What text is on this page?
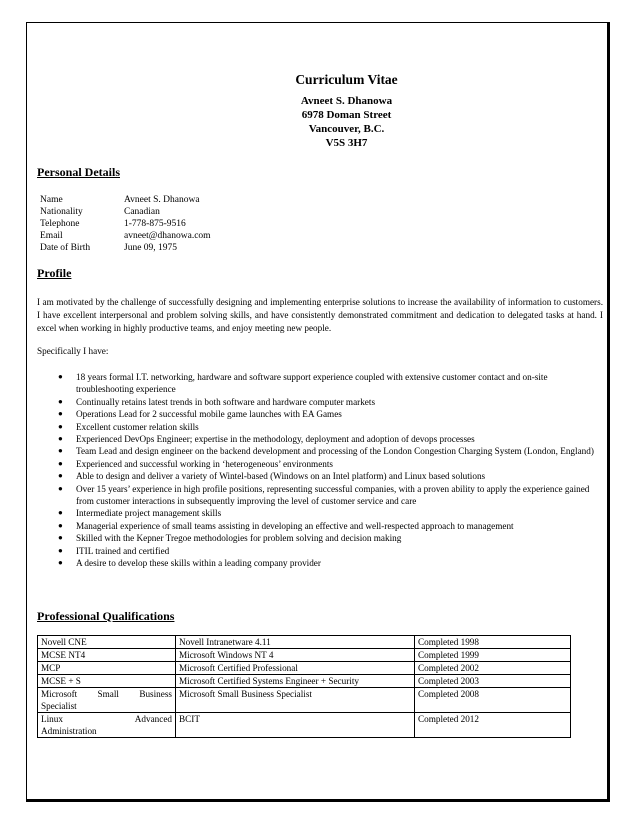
Curriculum Vitae
Avneet S. Dhanowa
6978 Doman Street
Vancouver, B.C.
V5S 3H7
Personal Details
Name	Avneet S. Dhanowa
Nationality	Canadian
Telephone	1-778-875-9516
Email	avneet@dhanowa.com
Date of Birth	June 09, 1975
Profile
I am motivated by the challenge of successfully designing and implementing enterprise solutions to increase the availability of information to customers. I have excellent interpersonal and problem solving skills, and have consistently demonstrated commitment and dedication to delegated tasks at hand. I excel when working in highly productive teams, and enjoy meeting new people.
Specifically I have:
● 18 years formal I.T. networking, hardware and software support experience coupled with extensive customer contact and on-site troubleshooting experience
● Continually retains latest trends in both software and hardware computer markets
● Operations Lead for 2 successful mobile game launches with EA Games
● Excellent customer relation skills
● Experienced DevOps Engineer; expertise in the methodology, deployment and adoption of devops processes
● Team Lead and design engineer on the backend development and processing of the London Congestion Charging System (London, England)
● Experienced and successful working in ‘heterogeneous’ environments
● Able to design and deliver a variety of Wintel-based (Windows on an Intel platform) and Linux based solutions
● Over 15 years’ experience in high profile positions, representing successful companies, with a proven ability to apply the experience gained from customer interactions in subsequently improving the level of customer service and care
● Intermediate project management skills
● Managerial experience of small teams assisting in developing an effective and well-respected approach to management
● Skilled with the Kepner Tregoe methodologies for problem solving and decision making
● ITIL trained and certified
● A desire to develop these skills within a leading company provider
Professional Qualifications
Novell CNE	Novell Intranetware 4.11	Completed 1998
MCSE NT4	Microsoft Windows NT 4	Completed 1999
MCP	Microsoft Certified Professional	Completed 2002
MCSE + S	Microsoft Certified Systems Engineer + Security	Completed 2003

Microsoft Small Business
Specialist	Microsoft Small Business Specialist	Completed 2008

Linux Advanced
Administration	BCIT	Completed 2012
